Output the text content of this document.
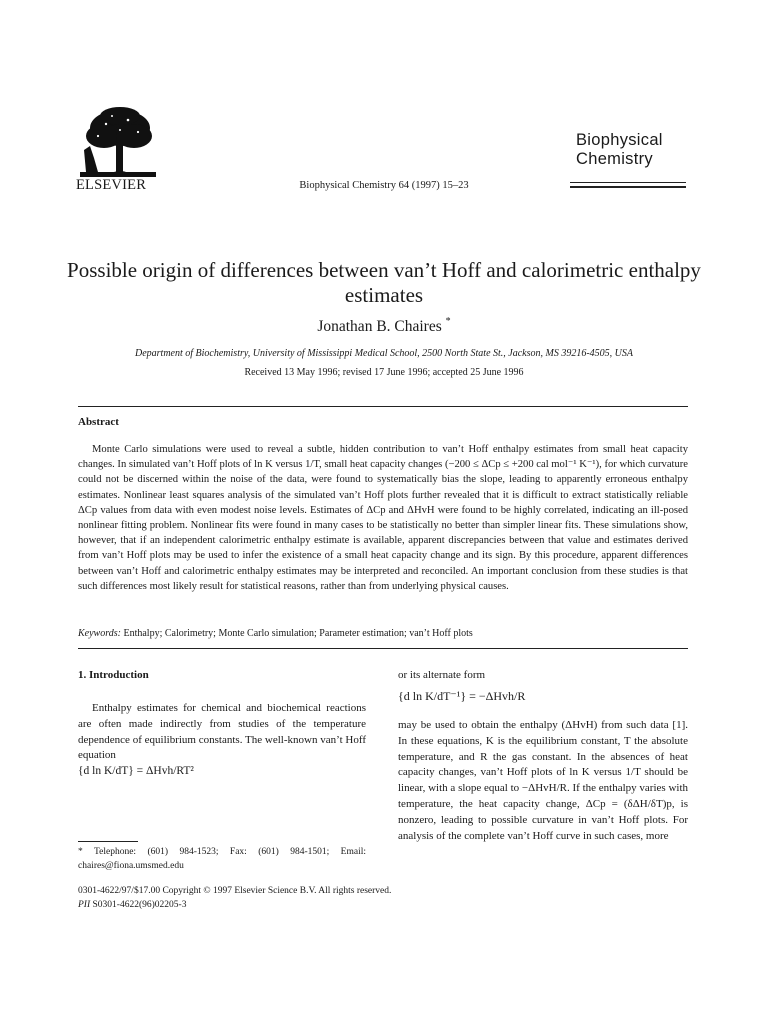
ELSEVIER	Biophysical Chemistry 64 (1997) 15–23
Biophysical
Chemistry
Possible origin of differences between van’t Hoff and calorimetric enthalpy estimates
Jonathan B. Chaires *
Department of Biochemistry, University of Mississippi Medical School, 2500 North State St., Jackson, MS 39216-4505, USA
Received 13 May 1996; revised 17 June 1996; accepted 25 June 1996
Abstract

Monte Carlo simulations were used to reveal a subtle, hidden contribution to van’t Hoff enthalpy estimates from small heat capacity changes. In simulated van’t Hoff plots of ln K versus 1/T, small heat capacity changes (−200 ≤ ΔCp ≤ +200 cal mol⁻¹ K⁻¹), for which curvature could not be discerned within the noise of the data, were found to systematically bias the slope, leading to apparently erroneous enthalpy estimates. Nonlinear least squares analysis of the simulated van’t Hoff plots further revealed that it is difficult to extract statistically reliable ΔCp values from data with even modest noise levels. Estimates of ΔCp and ΔHvH were found to be highly correlated, indicating an ill-posed nonlinear fitting problem. Nonlinear fits were found in many cases to be statistically no better than simpler linear fits. These simulations show, however, that if an independent calorimetric enthalpy estimate is available, apparent discrepancies between that value and estimates derived from van’t Hoff plots may be used to infer the existence of a small heat capacity change and its sign. By this procedure, apparent differences between van’t Hoff and calorimetric enthalpy estimates may be interpreted and reconciled. An important conclusion from these studies is that such differences most likely result for statistical reasons, rather than from underlying physical causes.

Keywords: Enthalpy; Calorimetry; Monte Carlo simulation; Parameter estimation; van’t Hoff plots
1. Introduction

Enthalpy estimates for chemical and biochemical reactions are often made indirectly from studies of the temperature dependence of equilibrium constants. The well-known van’t Hoff equation

{d ln K/dT} = ΔHvh/RT²
* Telephone: (601) 984-1523; Fax: (601) 984-1501; Email: chaires@fiona.umsmed.edu
or its alternate form
{d ln K/dT⁻¹} = −ΔHvh/R

may be used to obtain the enthalpy (ΔHvH) from such data [1]. In these equations, K is the equilibrium constant, T the absolute temperature, and R the gas constant. In the absences of heat capacity changes, van’t Hoff plots of ln K versus 1/T should be linear, with a slope equal to −ΔHvH/R. If the enthalpy varies with temperature, the heat capacity change, ΔCp = (δΔH/δT)p, is nonzero, leading to possible curvature in van’t Hoff plots. For analysis of the complete van’t Hoff curve in such cases, more

0301-4622/97/$17.00 Copyright © 1997 Elsevier Science B.V. All rights reserved.
PII S0301-4622(96)02205-3
